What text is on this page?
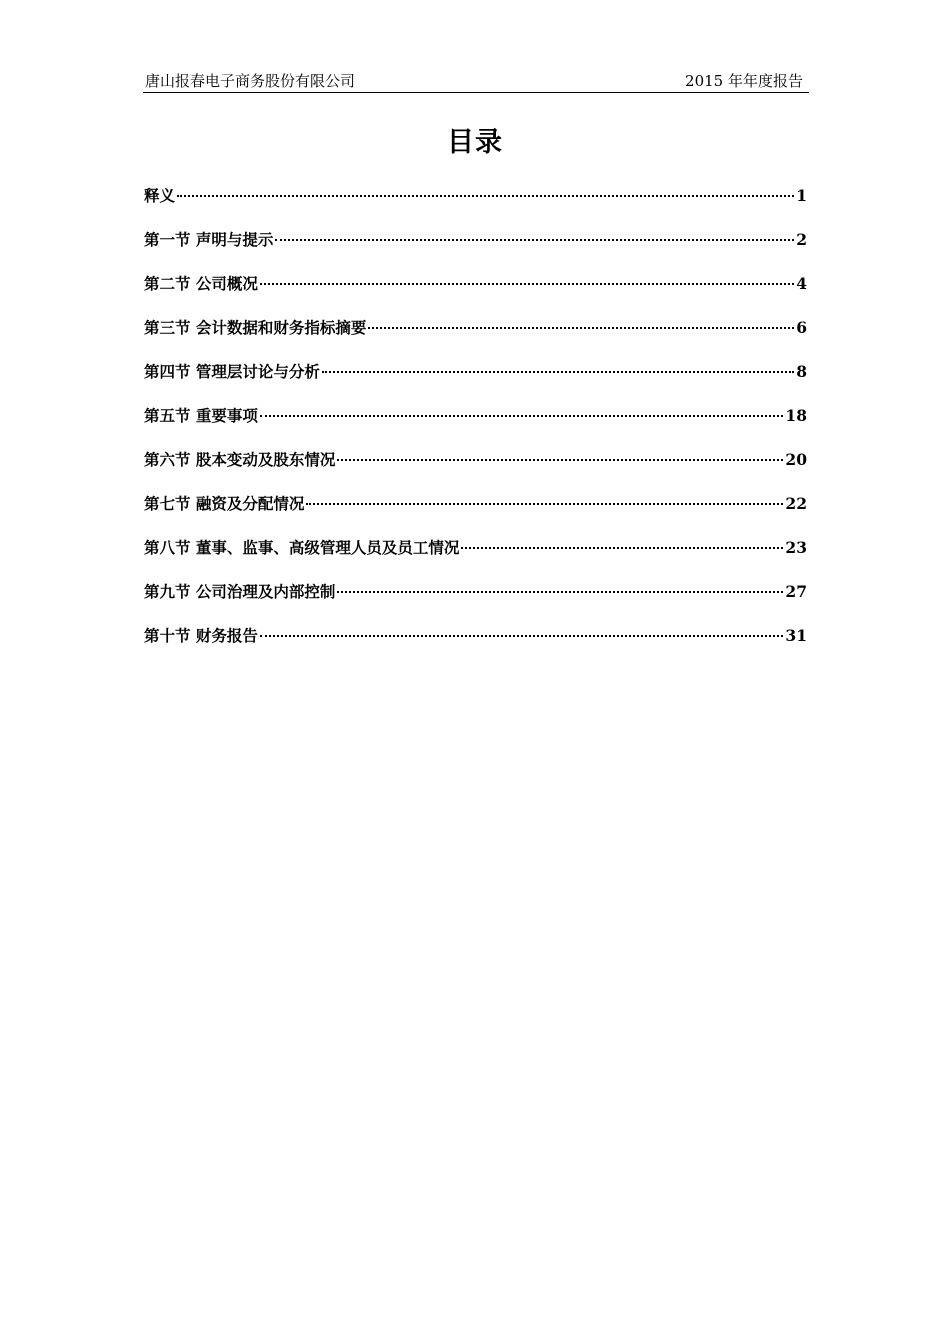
唐山报春电子商务股份有限公司	2015 年年度报告
目录
释义	1
第一节 声明与提示	2
第二节 公司概况	4
第三节 会计数据和财务指标摘要	6
第四节 管理层讨论与分析	8
第五节 重要事项	18
第六节 股本变动及股东情况	20
第七节 融资及分配情况	22
第八节 董事、监事、高级管理人员及员工情况	23
第九节 公司治理及内部控制	27
第十节 财务报告	31
